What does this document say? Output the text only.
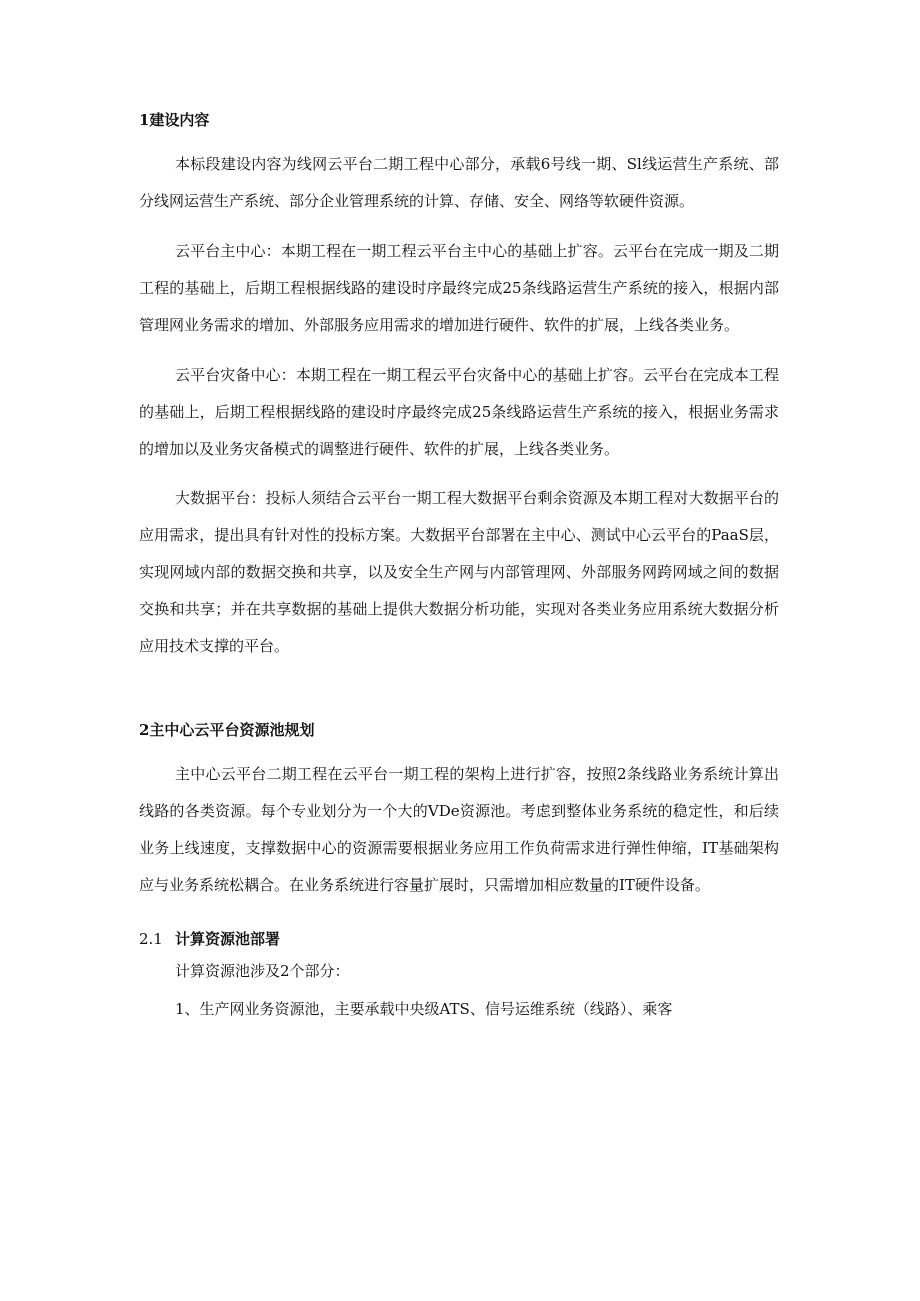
1建设内容

本标段建设内容为线网云平台二期工程中心部分，承载6号线一期、Sl线运营生产系统、部分线网运营生产系统、部分企业管理系统的计算、存储、安全、网络等软硬件资源。

云平台主中心：本期工程在一期工程云平台主中心的基础上扩容。云平台在完成一期及二期工程的基础上，后期工程根据线路的建设时序最终完成25条线路运营生产系统的接入，根据内部管理网业务需求的增加、外部服务应用需求的增加进行硬件、软件的扩展，上线各类业务。

云平台灾备中心：本期工程在一期工程云平台灾备中心的基础上扩容。云平台在完成本工程的基础上，后期工程根据线路的建设时序最终完成25条线路运营生产系统的接入，根据业务需求的增加以及业务灾备模式的调整进行硬件、软件的扩展，上线各类业务。

大数据平台：投标人须结合云平台一期工程大数据平台剩余资源及本期工程对大数据平台的应用需求，提出具有针对性的投标方案。大数据平台部署在主中心、测试中心云平台的PaaS层，实现网域内部的数据交换和共享，以及安全生产网与内部管理网、外部服务网跨网域之间的数据交换和共享；并在共享数据的基础上提供大数据分析功能，实现对各类业务应用系统大数据分析应用技术支撑的平台。

2主中心云平台资源池规划

主中心云平台二期工程在云平台一期工程的架构上进行扩容，按照2条线路业务系统计算出线路的各类资源。每个专业划分为一个大的VDe资源池。考虑到整体业务系统的稳定性，和后续业务上线速度，支撑数据中心的资源需要根据业务应用工作负荷需求进行弹性伸缩，IT基础架构应与业务系统松耦合。在业务系统进行容量扩展时，只需增加相应数量的IT硬件设备。

2.1 计算资源池部署

计算资源池涉及2个部分：

1、生产网业务资源池，主要承载中央级ATS、信号运维系统（线路）、乘客
